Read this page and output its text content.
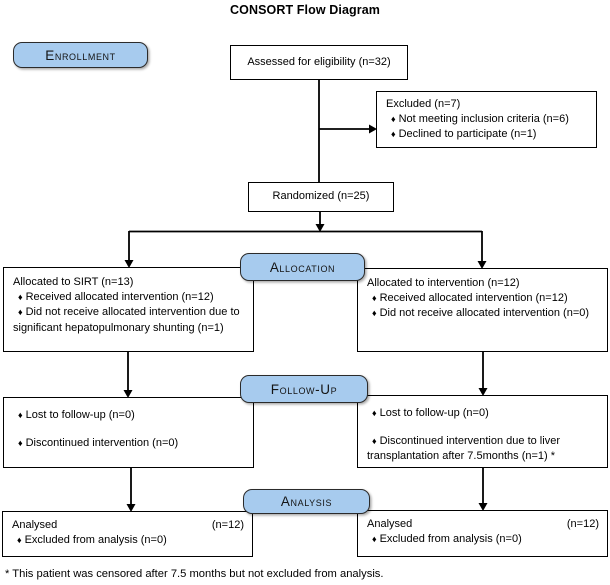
CONSORT Flow Diagram
Enrollment
Allocation
Follow-Up
Analysis
Assessed for eligibility (n=32)
Excluded (n=7)
♦ Not meeting inclusion criteria (n=6)
♦ Declined to participate (n=1)
Randomized (n=25)
Allocated to SIRT (n=13)
♦ Received allocated intervention (n=12)
♦ Did not receive allocated intervention due to significant hepatopulmonary shunting (n=1)
Allocated to intervention (n=12)
♦ Received allocated intervention (n=12)
♦ Did not receive allocated intervention (n=0)
♦ Lost to follow-up (n=0)
♦ Discontinued intervention (n=0)
♦ Lost to follow-up (n=0)
♦ Discontinued intervention due to liver transplantation after 7.5months (n=1) *
Analysed	(n=12)
♦ Excluded from analysis (n=0)
Analysed	(n=12)
♦ Excluded from analysis (n=0)
* This patient was censored after 7.5 months but not excluded from analysis.
